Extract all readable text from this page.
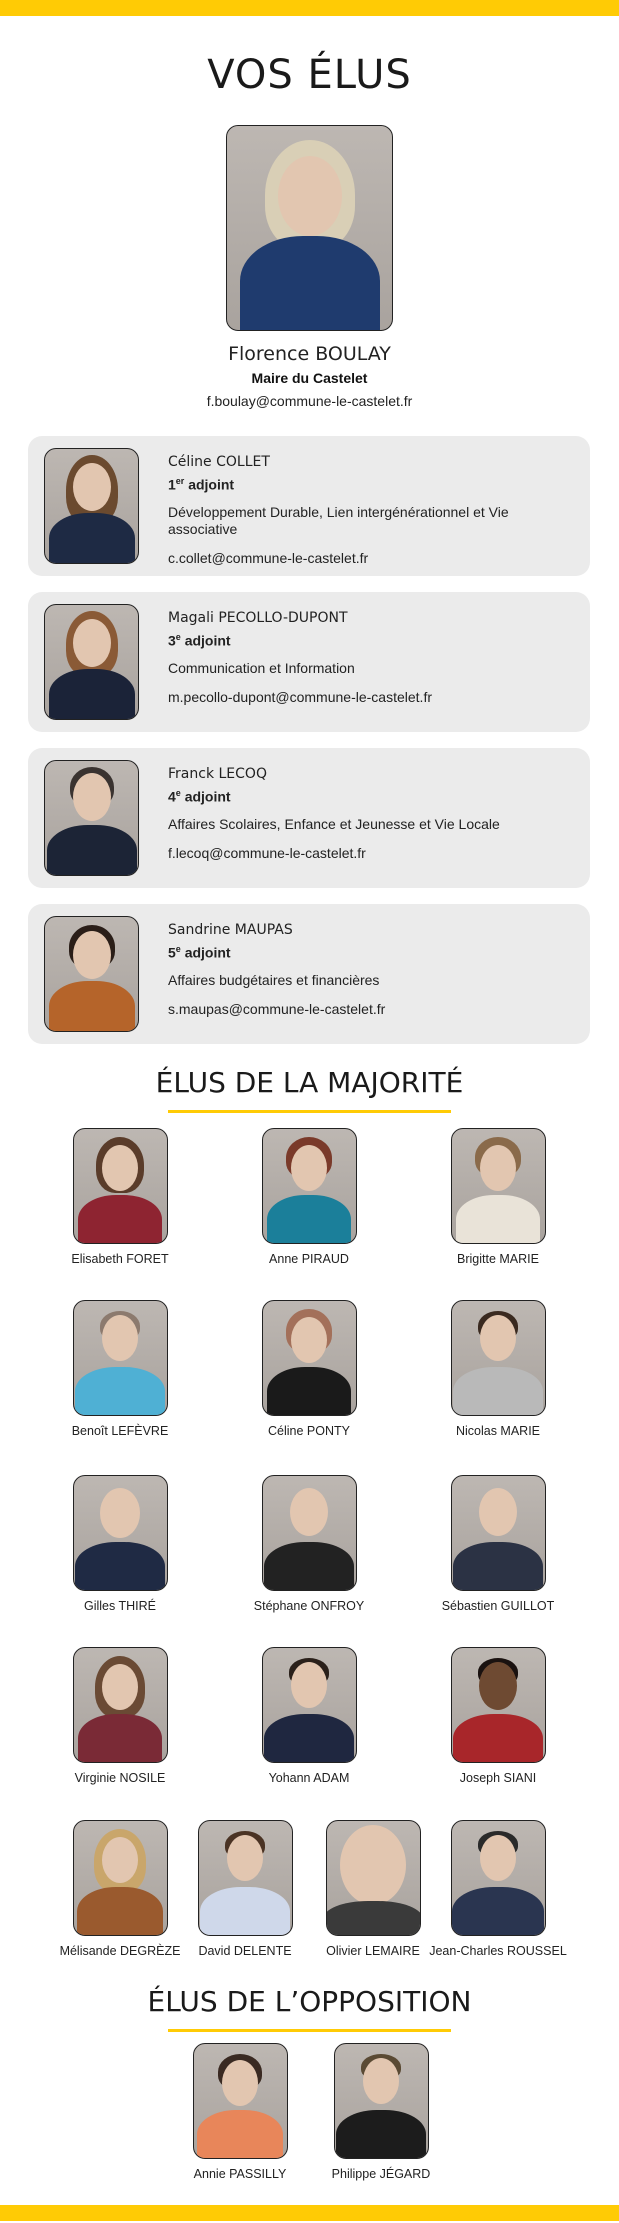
VOS ÉLUS
Florence BOULAY
Maire du Castelet
f.boulay@commune-le-castelet.fr
Céline COLLET
1er adjoint
Développement Durable, Lien intergénérationnel et Vie associative
c.collet@commune-le-castelet.fr
Magali PECOLLO-DUPONT
3e adjoint
Communication et Information
m.pecollo-dupont@commune-le-castelet.fr
Franck LECOQ
4e adjoint
Affaires Scolaires, Enfance et Jeunesse et Vie Locale
f.lecoq@commune-le-castelet.fr
Sandrine MAUPAS
5e adjoint
Affaires budgétaires et financières
s.maupas@commune-le-castelet.fr
ÉLUS DE LA MAJORITÉ
Elisabeth FORET	Anne PIRAUD	Brigitte MARIE
Benoît LEFÈVRE	Céline PONTY	Nicolas MARIE
Gilles THIRÉ	Stéphane ONFROY	Sébastien GUILLOT
Virginie NOSILE	Yohann ADAM	Joseph SIANI
Mélisande DEGRÈZE	David DELENTE	Olivier LEMAIRE Jean-Charles ROUSSEL
ÉLUS DE L’OPPOSITION
Annie PASSILLY	Philippe JÉGARD
